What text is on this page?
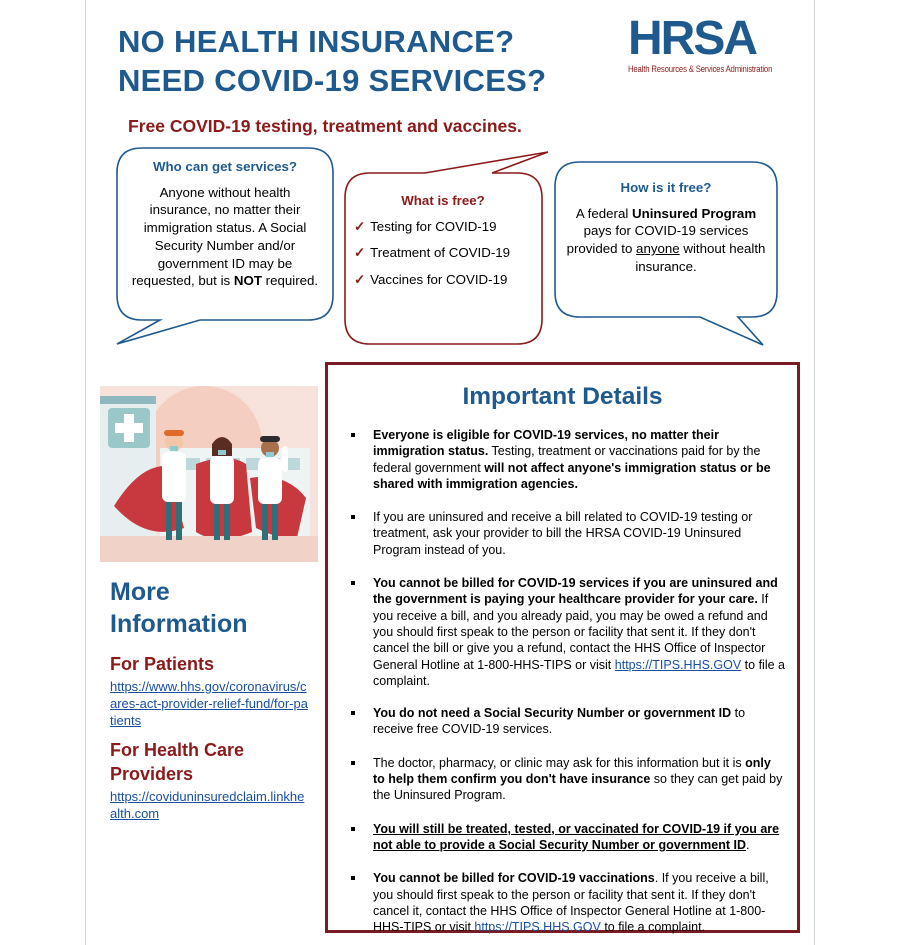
NO HEALTH INSURANCE?
NEED COVID-19 SERVICES?
HRSA
Health Resources & Services Administration
Free COVID-19 testing, treatment and vaccines.
Who can get services?
Anyone without health insurance, no matter their immigration status. A Social Security Number and/or government ID may be requested, but is NOT required.
What is free?
✓ Testing for COVID-19
✓ Treatment of COVID-19
✓ Vaccines for COVID-19
How is it free?
A federal Uninsured Program pays for COVID-19 services provided to anyone without health insurance.
More
Information
For Patients
https://www.hhs.gov/coronavirus/cares-act-provider-relief-fund/for-patients
For Health Care
Providers
https://coviduninsuredclaim.linkhealth.com
Important Details
Everyone is eligible for COVID-19 services, no matter their immigration status. Testing, treatment or vaccinations paid for by the federal government will not affect anyone's immigration status or be shared with immigration agencies.
If you are uninsured and receive a bill related to COVID-19 testing or treatment, ask your provider to bill the HRSA COVID-19 Uninsured Program instead of you.
You cannot be billed for COVID-19 services if you are uninsured and the government is paying your healthcare provider for your care. If you receive a bill, and you already paid, you may be owed a refund and you should first speak to the person or facility that sent it. If they don't cancel the bill or give you a refund, contact the HHS Office of Inspector General Hotline at 1-800-HHS-TIPS or visit https://TIPS.HHS.GOV to file a complaint.
You do not need a Social Security Number or government ID to receive free COVID-19 services.
The doctor, pharmacy, or clinic may ask for this information but it is only to help them confirm you don't have insurance so they can get paid by the Uninsured Program.
You will still be treated, tested, or vaccinated for COVID-19 if you are not able to provide a Social Security Number or government ID.
You cannot be billed for COVID-19 vaccinations. If you receive a bill, you should first speak to the person or facility that sent it. If they don't cancel it, contact the HHS Office of Inspector General Hotline at 1-800-HHS-TIPS or visit https://TIPS.HHS.GOV to file a complaint.
